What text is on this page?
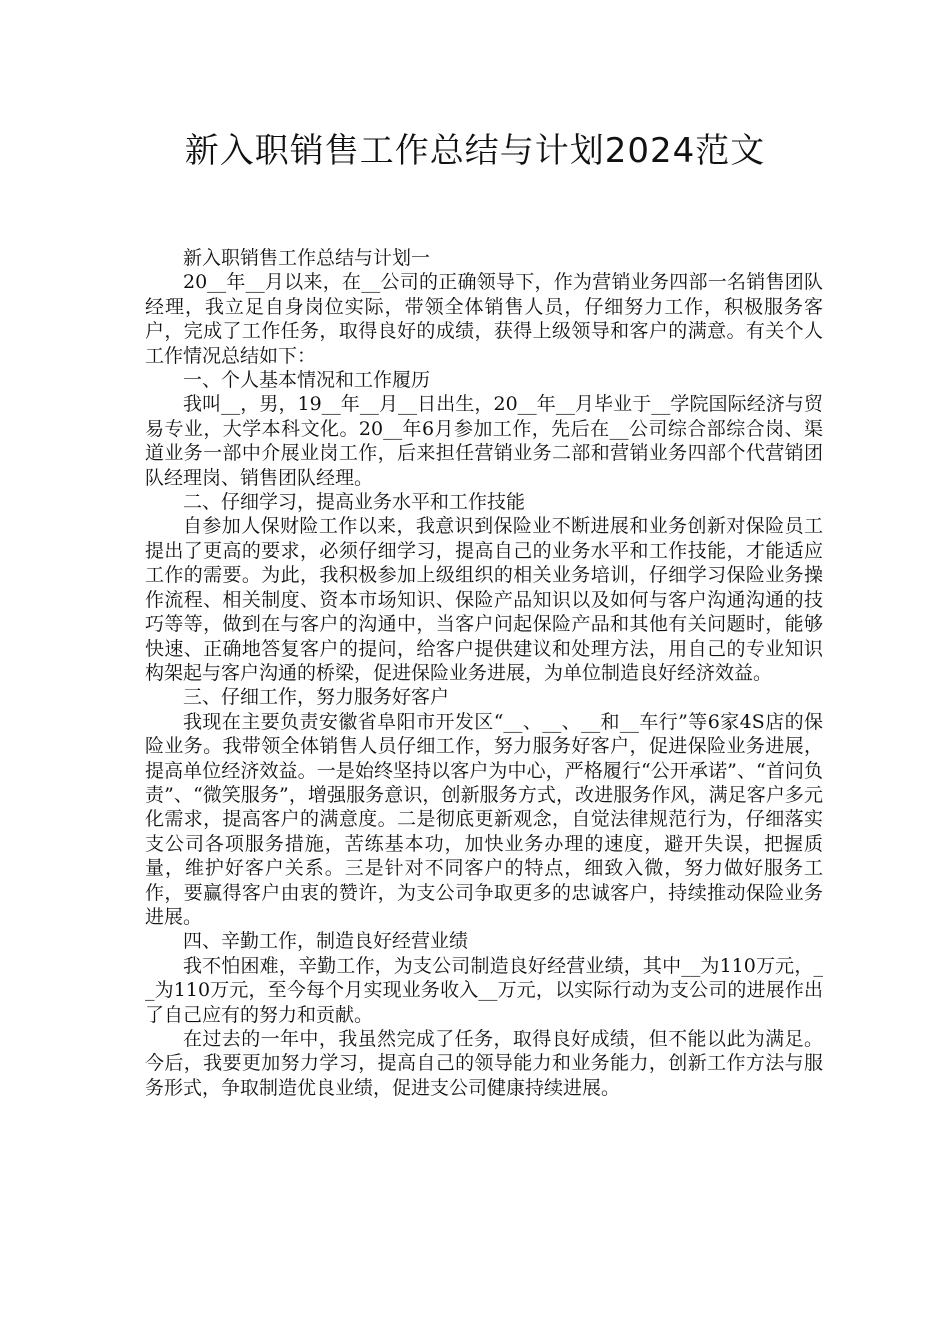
新入职销售工作总结与计划2024范文

新入职销售工作总结与计划一

20__年__月以来，在__公司的正确领导下，作为营销业务四部一名销售团队经理，我立足自身岗位实际，带领全体销售人员，仔细努力工作，积极服务客户，完成了工作任务，取得良好的成绩，获得上级领导和客户的满意。有关个人工作情况总结如下：

一、个人基本情况和工作履历

我叫__，男，19__年__月__日出生，20__年__月毕业于__学院国际经济与贸易专业，大学本科文化。20__年6月参加工作，先后在__公司综合部综合岗、渠道业务一部中介展业岗工作，后来担任营销业务二部和营销业务四部个代营销团队经理岗、销售团队经理。

二、仔细学习，提高业务水平和工作技能

自参加人保财险工作以来，我意识到保险业不断进展和业务创新对保险员工提出了更高的要求，必须仔细学习，提高自己的业务水平和工作技能，才能适应工作的需要。为此，我积极参加上级组织的相关业务培训，仔细学习保险业务操作流程、相关制度、资本市场知识、保险产品知识以及如何与客户沟通沟通的技巧等等，做到在与客户的沟通中，当客户问起保险产品和其他有关问题时，能够快速、正确地答复客户的提问，给客户提供建议和处理方法，用自己的专业知识构架起与客户沟通的桥梁，促进保险业务进展，为单位制造良好经济效益。

三、仔细工作，努力服务好客户

我现在主要负责安徽省阜阳市开发区“__、__、__和__车行”等6家4S店的保险业务。我带领全体销售人员仔细工作，努力服务好客户，促进保险业务进展，提高单位经济效益。一是始终坚持以客户为中心，严格履行“公开承诺”、“首问负责”、“微笑服务”，增强服务意识，创新服务方式，改进服务作风，满足客户多元化需求，提高客户的满意度。二是彻底更新观念，自觉法律规范行为，仔细落实支公司各项服务措施，苦练基本功，加快业务办理的速度，避开失误，把握质量，维护好客户关系。三是针对不同客户的特点，细致入微，努力做好服务工作，要赢得客户由衷的赞许，为支公司争取更多的忠诚客户，持续推动保险业务进展。

四、辛勤工作，制造良好经营业绩

我不怕困难，辛勤工作，为支公司制造良好经营业绩，其中__为110万元，__为110万元，至今每个月实现业务收入__万元，以实际行动为支公司的进展作出了自己应有的努力和贡献。

在过去的一年中，我虽然完成了任务，取得良好成绩，但不能以此为满足。今后，我要更加努力学习，提高自己的领导能力和业务能力，创新工作方法与服务形式，争取制造优良业绩，促进支公司健康持续进展。
